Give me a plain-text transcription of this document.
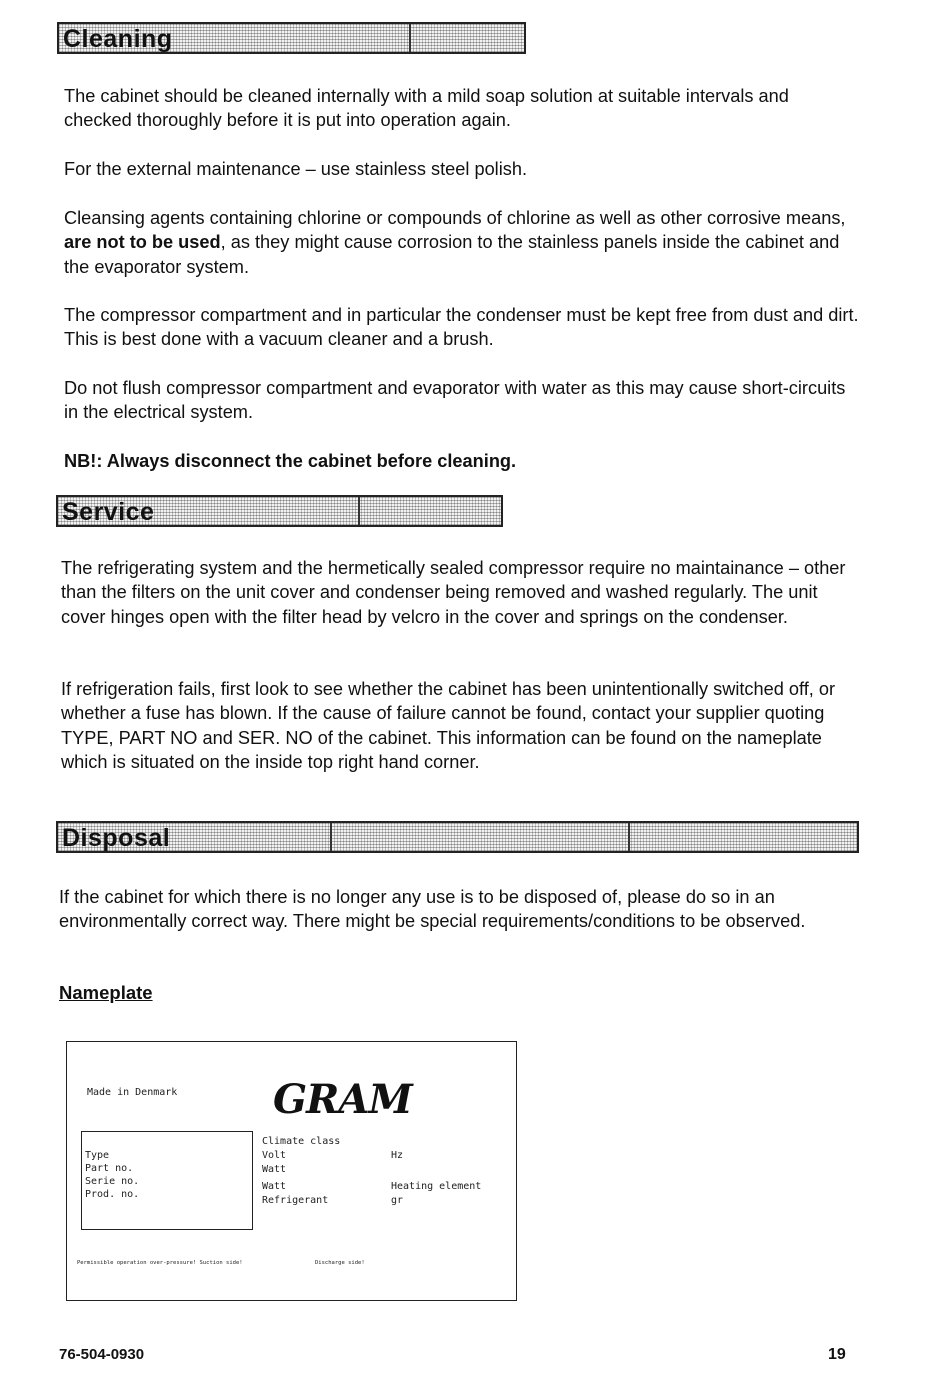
Cleaning

The cabinet should be cleaned internally with a mild soap solution at suitable intervals and checked thoroughly before it is put into operation again.

For the external maintenance – use stainless steel polish.

Cleansing agents containing chlorine or compounds of chlorine as well as other corrosive means, are not to be used, as they might cause corrosion to the stainless panels inside the cabinet and the evaporator system.

The compressor compartment and in particular the condenser must be kept free from dust and dirt. This is best done with a vacuum cleaner and a brush.

Do not flush compressor compartment and evaporator with water as this may cause short-circuits in the electrical system.

NB!: Always disconnect the cabinet before cleaning.

Service

The refrigerating system and the hermetically sealed compressor require no maintainance – other than the filters on the unit cover and condenser being removed and washed regularly. The unit cover hinges open with the filter head by velcro in the cover and springs on the condenser.

If refrigeration fails, first look to see whether the cabinet has been unintentionally switched off, or whether a fuse has blown. If the cause of failure cannot be found, contact your supplier quoting TYPE, PART NO and SER. NO of the cabinet. This information can be found on the nameplate which is situated on the inside top right hand corner.

Disposal

If the cabinet for which there is no longer any use is to be disposed of, please do so in an environmentally correct way. There might be special requirements/conditions to be observed.

Nameplate

Made in Denmark GRAM
Type
Part no.
Serie no.
Prod. no.
Climate class
Volt	Hz
Watt
Watt	Heating element
Refrigerant	gr
Permissible operation over-pressure! Suction side!	Discharge side!

76-504-0930	19
